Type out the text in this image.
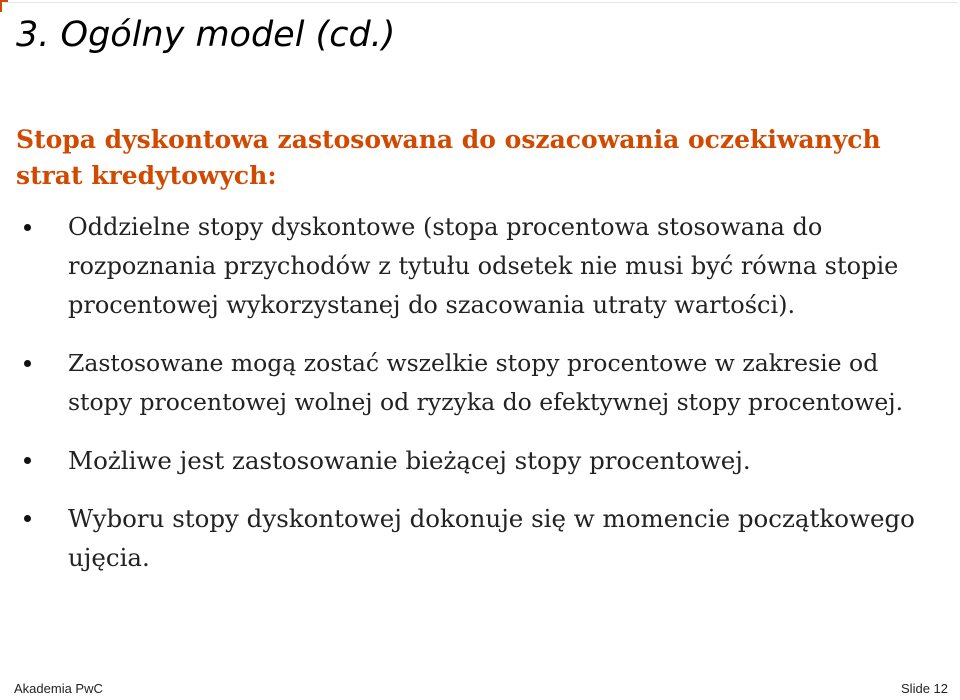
3. Ogólny model (cd.)
Stopa dyskontowa zastosowana do oszacowania oczekiwanych strat kredytowych:
Oddzielne stopy dyskontowe (stopa procentowa stosowana do rozpoznania przychodów z tytułu odsetek nie musi być równa stopie procentowej wykorzystanej do szacowania utraty wartości).
Zastosowane mogą zostać wszelkie stopy procentowe w zakresie od stopy procentowej wolnej od ryzyka do efektywnej stopy procentowej.
Możliwe jest zastosowanie bieżącej stopy procentowej.
Wyboru stopy dyskontowej dokonuje się w momencie początkowego ujęcia.
Akademia PwC	Slide 12
